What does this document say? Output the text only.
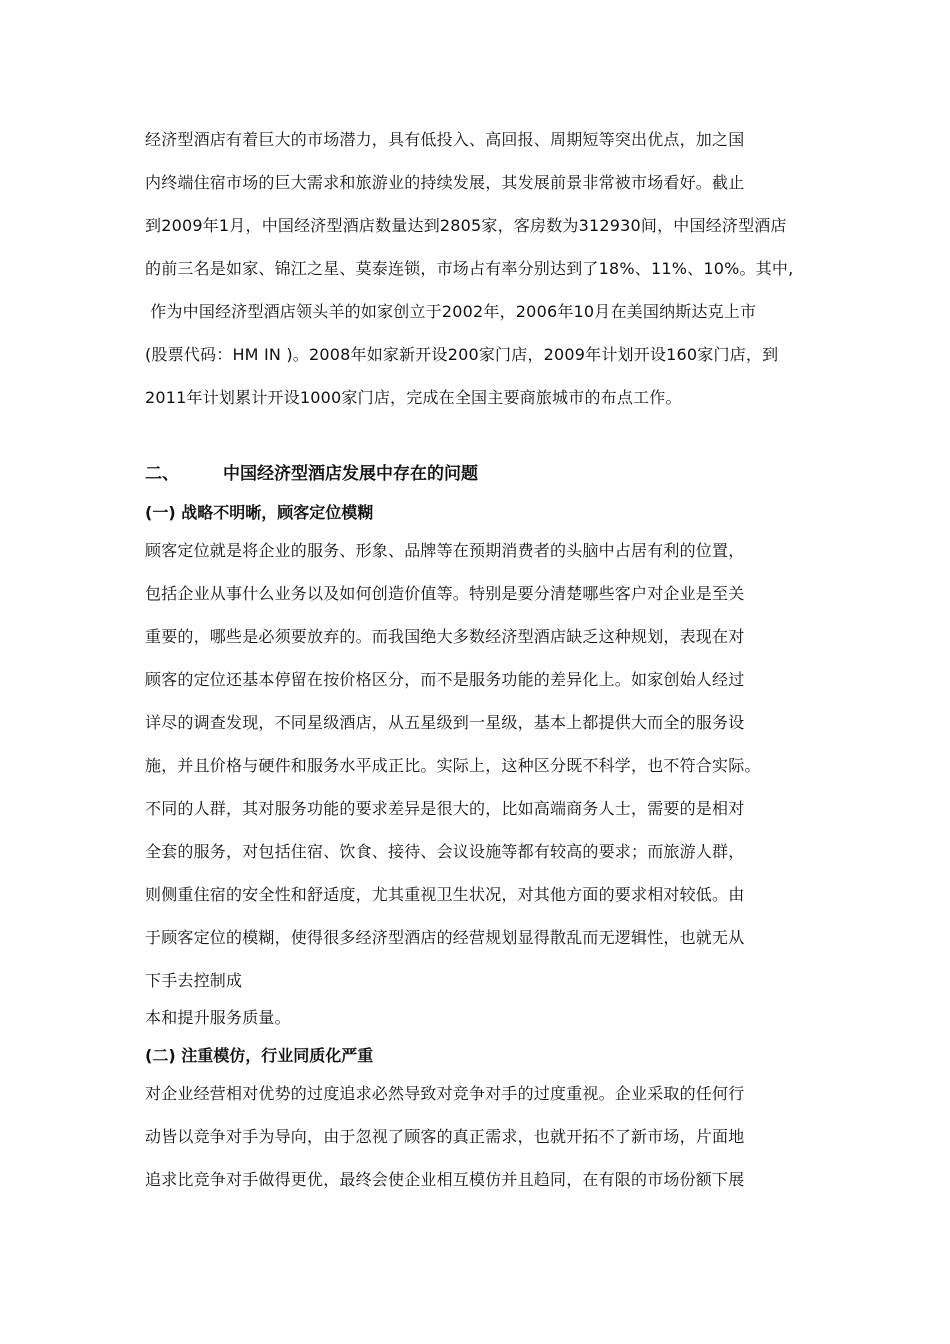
经济型酒店有着巨大的市场潜力，具有低投入、高回报、周期短等突出优点，加之国
内终端住宿市场的巨大需求和旅游业的持续发展，其发展前景非常被市场看好。截止
到2009年1月，中国经济型酒店数量达到2805家，客房数为312930间，中国经济型酒店
的前三名是如家、锦江之星、莫泰连锁，市场占有率分别达到了18%、11%、10%。其中,
作为中国经济型酒店领头羊的如家创立于2002年，2006年10月在美国纳斯达克上市
(股票代码：HM IN )。2008年如家新开设200家门店，2009年计划开设160家门店，到
2011年计划累计开设1000家门店，完成在全国主要商旅城市的布点工作。
二、	中国经济型酒店发展中存在的问题
(一) 战略不明晰，顾客定位模糊
顾客定位就是将企业的服务、形象、品牌等在预期消费者的头脑中占居有利的位置，
包括企业从事什么业务以及如何创造价值等。特别是要分清楚哪些客户对企业是至关
重要的，哪些是必须要放弃的。而我国绝大多数经济型酒店缺乏这种规划，表现在对
顾客的定位还基本停留在按价格区分，而不是服务功能的差异化上。如家创始人经过
详尽的调查发现，不同星级酒店，从五星级到一星级，基本上都提供大而全的服务设
施，并且价格与硬件和服务水平成正比。实际上，这种区分既不科学，也不符合实际。
不同的人群，其对服务功能的要求差异是很大的，比如高端商务人士，需要的是相对
全套的服务，对包括住宿、饮食、接待、会议设施等都有较高的要求；而旅游人群，
则侧重住宿的安全性和舒适度，尤其重视卫生状况，对其他方面的要求相对较低。由
于顾客定位的模糊，使得很多经济型酒店的经营规划显得散乱而无逻辑性，也就无从
下手去控制成
本和提升服务质量。
(二) 注重模仿，行业同质化严重
对企业经营相对优势的过度追求必然导致对竞争对手的过度重视。企业采取的任何行
动皆以竞争对手为导向，由于忽视了顾客的真正需求，也就开拓不了新市场，片面地
追求比竞争对手做得更优，最终会使企业相互模仿并且趋同，在有限的市场份额下展
